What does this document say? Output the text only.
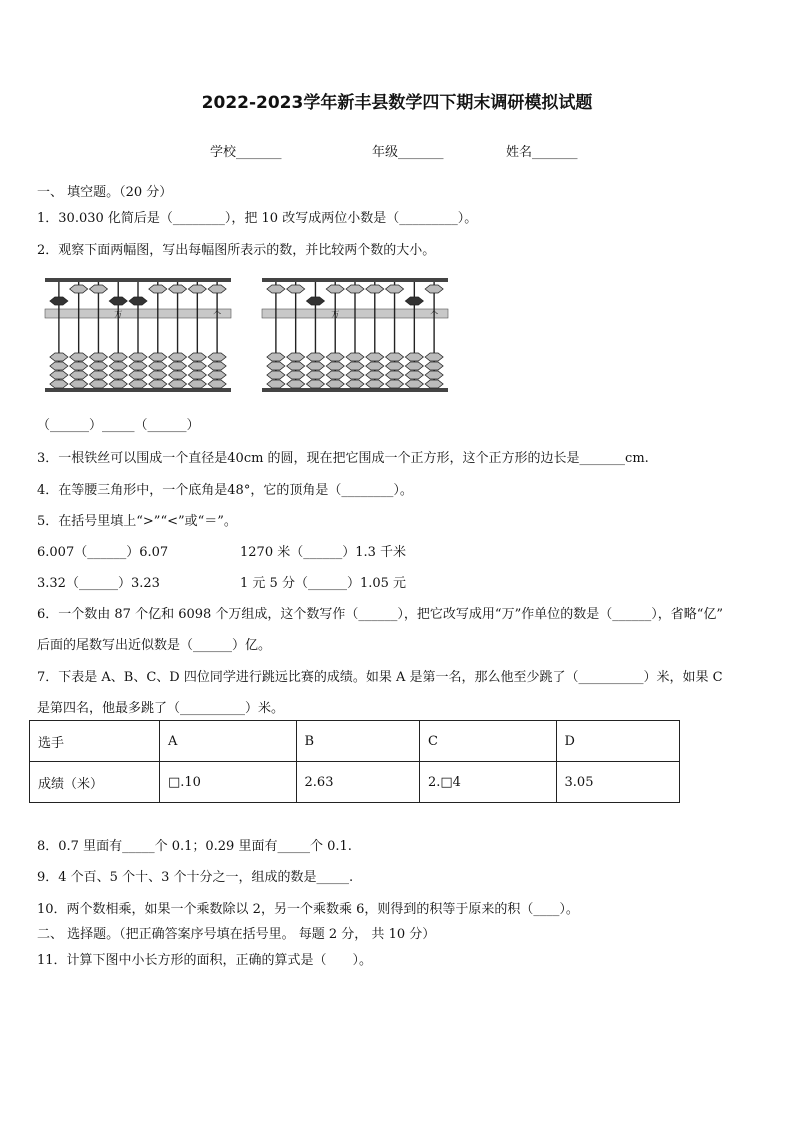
2022-2023学年新丰县数学四下期末调研模拟试题
学校_______	年级_______	姓名_______
一、 填空题。（20 分）
1．30.030 化简后是（________），把 10 改写成两位小数是（_________）。
2．观察下面两幅图，写出每幅图所表示的数，并比较两个数的大小。
万	个	万	个
（______）_____（______）
3．一根铁丝可以围成一个直径是40cm 的圆，现在把它围成一个正方形，这个正方形的边长是_______cm.
4．在等腰三角形中，一个底角是48°，它的顶角是（________）。
5．在括号里填上“>”“<”或“＝”。
6.007（______）6.07	1270 米（______）1.3 千米
3.32（______）3.23	1 元 5 分（______）1.05 元
6．一个数由 87 个亿和 6098 个万组成，这个数写作（______），把它改写成用“万”作单位的数是（______），省略“亿”
后面的尾数写出近似数是（______）亿。
7．下表是 A、B、C、D 四位同学进行跳远比赛的成绩。如果 A 是第一名，那么他至少跳了（__________）米，如果 C
是第四名，他最多跳了（__________）米。
选手	A	B	C	D
成绩（米）	□.10	2.63	2.□4	3.05
8．0.7 里面有_____个 0.1；0.29 里面有_____个 0.1.
9．4 个百、5 个十、3 个十分之一，组成的数是_____.
10．两个数相乘，如果一个乘数除以 2，另一个乘数乘 6，则得到的积等于原来的积（____）。
二、 选择题。（把正确答案序号填在括号里。 每题 2 分， 共 10 分）
11．计算下图中小长方形的面积，正确的算式是（　　）。
